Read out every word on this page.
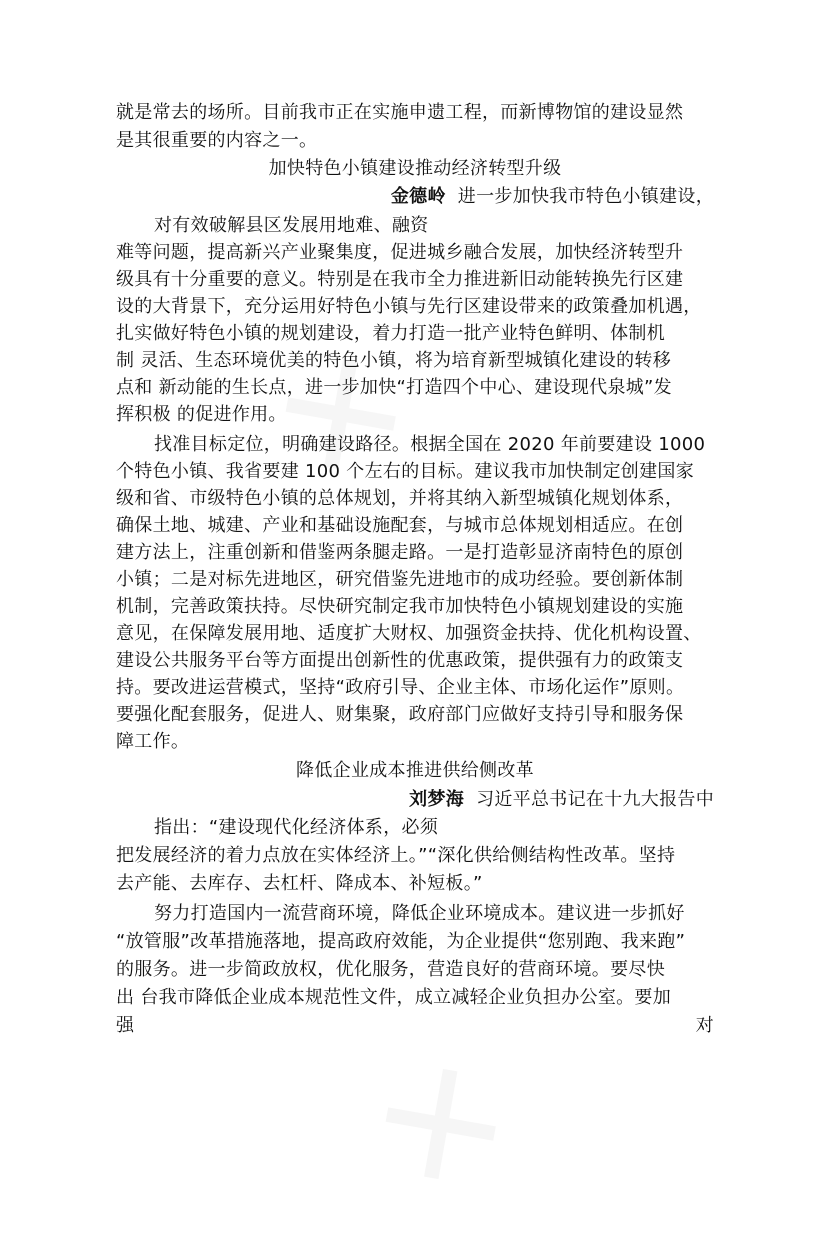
就是常去的场所。目前我市正在实施申遗工程，而新博物馆的建设显然
是其很重要的内容之一。
加快特色小镇建设推动经济转型升级
金德岭 进一步加快我市特色小镇建设，
对有效破解县区发展用地难、融资
难等问题，提高新兴产业聚集度，促进城乡融合发展，加快经济转型升
级具有十分重要的意义。特别是在我市全力推进新旧动能转换先行区建
设的大背景下，充分运用好特色小镇与先行区建设带来的政策叠加机遇，
扎实做好特色小镇的规划建设，着力打造一批产业特色鲜明、体制机
制 灵活、生态环境优美的特色小镇，将为培育新型城镇化建设的转移
点和 新动能的生长点，进一步加快“打造四个中心、建设现代泉城”发
挥积极 的促进作用。
找准目标定位，明确建设路径。根据全国在 2020 年前要建设 1000
个特色小镇、我省要建 100 个左右的目标。建议我市加快制定创建国家
级和省、市级特色小镇的总体规划，并将其纳入新型城镇化规划体系，
确保土地、城建、产业和基础设施配套，与城市总体规划相适应。在创
建方法上，注重创新和借鉴两条腿走路。一是打造彰显济南特色的原创
小镇；二是对标先进地区，研究借鉴先进地市的成功经验。要创新体制
机制，完善政策扶持。尽快研究制定我市加快特色小镇规划建设的实施
意见，在保障发展用地、适度扩大财权、加强资金扶持、优化机构设置、
建设公共服务平台等方面提出创新性的优惠政策，提供强有力的政策支
持。要改进运营模式，坚持“政府引导、企业主体、市场化运作”原则。
要强化配套服务，促进人、财集聚，政府部门应做好支持引导和服务保
障工作。
降低企业成本推进供给侧改革
刘梦海 习近平总书记在十九大报告中
指出：“建设现代化经济体系，必须
把发展经济的着力点放在实体经济上。”“深化供给侧结构性改革。坚持
去产能、去库存、去杠杆、降成本、补短板。”
努力打造国内一流营商环境，降低企业环境成本。建议进一步抓好
“放管服”改革措施落地，提高政府效能，为企业提供“您别跑、我来跑”
的服务。进一步简政放权，优化服务，营造良好的营商环境。要尽快
出 台我市降低企业成本规范性文件，成立减轻企业负担办公室。要加
强	对
